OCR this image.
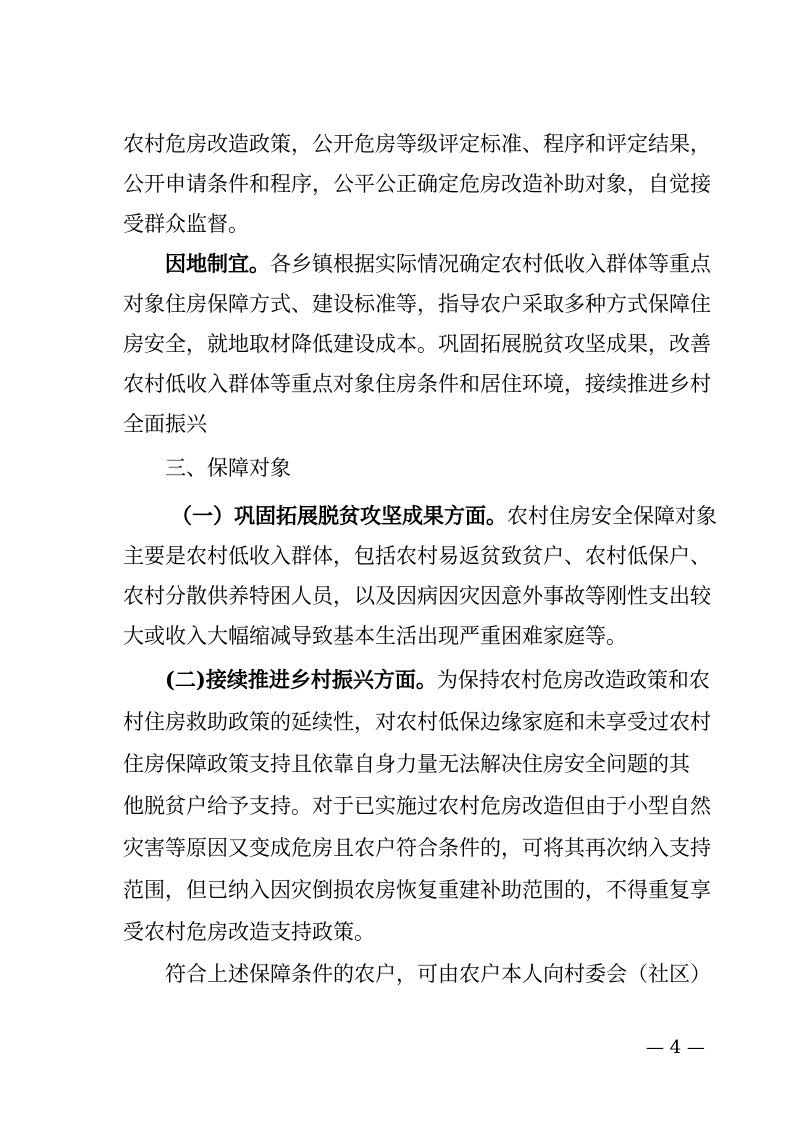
农村危房改造政策，公开危房等级评定标准、程序和评定结果，
公开申请条件和程序，公平公正确定危房改造补助对象，自觉接
受群众监督。
因地制宜。各乡镇根据实际情况确定农村低收入群体等重点
对象住房保障方式、建设标准等，指导农户采取多种方式保障住
房安全，就地取材降低建设成本。巩固拓展脱贫攻坚成果，改善
农村低收入群体等重点对象住房条件和居住环境，接续推进乡村
全面振兴
三、保障对象
（一）巩固拓展脱贫攻坚成果方面。农村住房安全保障对象
主要是农村低收入群体，包括农村易返贫致贫户、农村低保户、
农村分散供养特困人员，以及因病因灾因意外事故等刚性支出较
大或收入大幅缩减导致基本生活出现严重困难家庭等。
(二)接续推进乡村振兴方面。为保持农村危房改造政策和农
村住房救助政策的延续性，对农村低保边缘家庭和未享受过农村
住房保障政策支持且依靠自身力量无法解决住房安全问题的其
他脱贫户给予支持。对于已实施过农村危房改造但由于小型自然
灾害等原因又变成危房且农户符合条件的，可将其再次纳入支持
范围，但已纳入因灾倒损农房恢复重建补助范围的，不得重复享
受农村危房改造支持政策。
符合上述保障条件的农户，可由农户本人向村委会（社区）
— 4 —
